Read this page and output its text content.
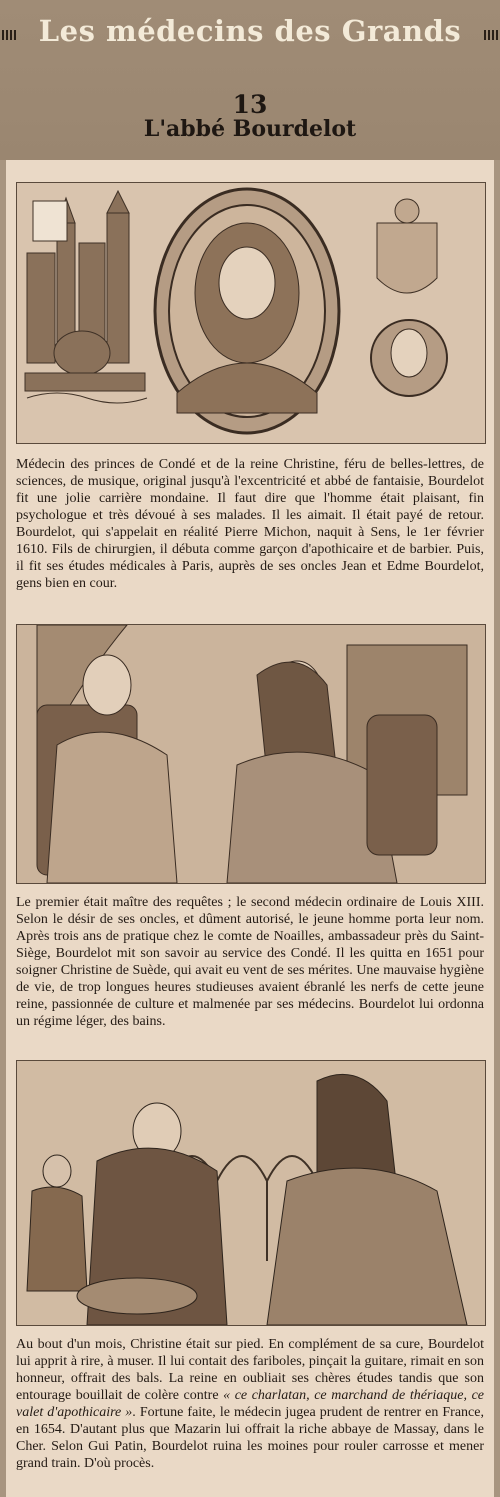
Les médecins des Grands
13
L'abbé Bourdelot

Médecin des princes de Condé et de la reine Christine, féru de belles-lettres, de sciences, de musique, original jusqu'à l'excentricité et abbé de fantaisie, Bourdelot fit une jolie carrière mondaine. Il faut dire que l'homme était plaisant, fin psychologue et très dévoué à ses malades. Il les aimait. Il était payé de retour. Bourdelot, qui s'appelait en réalité Pierre Michon, naquit à Sens, le 1er février 1610. Fils de chirurgien, il débuta comme garçon d'apothicaire et de barbier. Puis, il fit ses études médicales à Paris, auprès de ses oncles Jean et Edme Bourdelot, gens bien en cour.

Le premier était maître des requêtes ; le second médecin ordinaire de Louis XIII. Selon le désir de ses oncles, et dûment autorisé, le jeune homme porta leur nom. Après trois ans de pratique chez le comte de Noailles, ambassadeur près du Saint-Siège, Bourdelot mit son savoir au service des Condé. Il les quitta en 1651 pour soigner Christine de Suède, qui avait eu vent de ses mérites. Une mauvaise hygiène de vie, de trop longues heures studieuses avaient ébranlé les nerfs de cette jeune reine, passionnée de culture et malmenée par ses médecins. Bourdelot lui ordonna un régime léger, des bains.

Au bout d'un mois, Christine était sur pied. En complément de sa cure, Bourdelot lui apprit à rire, à muser. Il lui contait des fariboles, pinçait la guitare, rimait en son honneur, offrait des bals. La reine en oubliait ses chères études tandis que son entourage bouillait de colère contre « ce charlatan, ce marchand de thériaque, ce valet d'apothicaire ». Fortune faite, le médecin jugea prudent de rentrer en France, en 1654. D'autant plus que Mazarin lui offrait la riche abbaye de Massay, dans le Cher. Selon Gui Patin, Bourdelot ruina les moines pour rouler carrosse et mener grand train. D'où procès.
